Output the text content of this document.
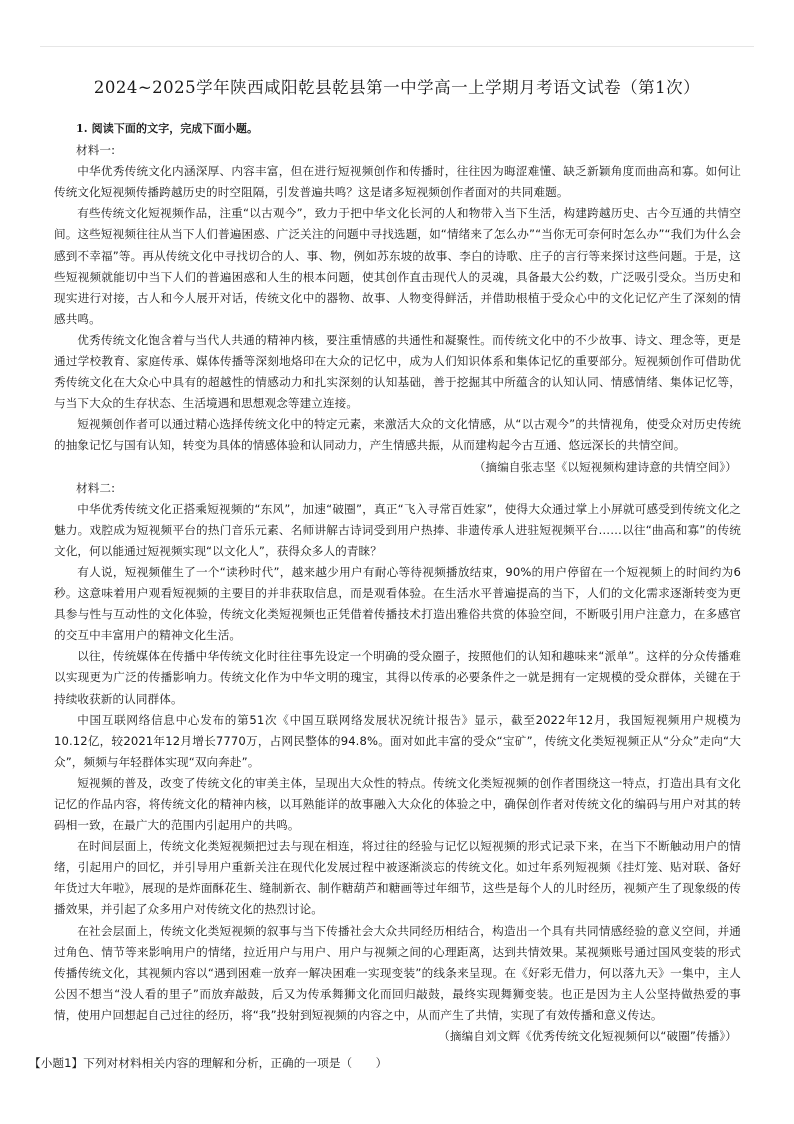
2024~2025学年陕西咸阳乾县乾县第一中学高一上学期月考语文试卷（第1次）

1. 阅读下面的文字，完成下面小题。

材料一:

中华优秀传统文化内涵深厚、内容丰富，但在进行短视频创作和传播时，往往因为晦涩难懂、缺乏新颖角度而曲高和寡。如何让传统文化短视频传播跨越历史的时空阻隔，引发普遍共鸣？这是诸多短视频创作者面对的共同难题。

有些传统文化短视频作品，注重“以古观今”，致力于把中华文化长河的人和物带入当下生活，构建跨越历史、古今互通的共情空间。这些短视频往往从当下人们普遍困惑、广泛关注的问题中寻找选题，如“情绪来了怎么办”“当你无可奈何时怎么办”“我们为什么会感到不幸福”等。再从传统文化中寻找切合的人、事、物，例如苏东坡的故事、李白的诗歌、庄子的言行等来探讨这些问题。于是，这些短视频就能切中当下人们的普遍困惑和人生的根本问题，使其创作直击现代人的灵魂，具备最大公约数，广泛吸引受众。当历史和现实进行对接，古人和今人展开对话，传统文化中的器物、故事、人物变得鲜活，并借助根植于受众心中的文化记忆产生了深刻的情感共鸣。

优秀传统文化饱含着与当代人共通的精神内核，要注重情感的共通性和凝聚性。而传统文化中的不少故事、诗文、理念等，更是通过学校教育、家庭传承、媒体传播等深刻地烙印在大众的记忆中，成为人们知识体系和集体记忆的重要部分。短视频创作可借助优秀传统文化在大众心中具有的超越性的情感动力和扎实深刻的认知基础，善于挖掘其中所蕴含的认知认同、情感情绪、集体记忆等，与当下大众的生存状态、生活境遇和思想观念等建立连接。

短视频创作者可以通过精心选择传统文化中的特定元素，来激活大众的文化情感，从“以古观今”的共情视角，使受众对历史传统的抽象记忆与国有认知，转变为具体的情感体验和认同动力，产生情感共振，从而建构起今古互通、悠远深长的共情空间。

（摘编自张志坚《以短视频构建诗意的共情空间》）

材料二:

中华优秀传统文化正搭乘短视频的“东风”，加速“破圈”，真正“飞入寻常百姓家”，使得大众通过掌上小屏就可感受到传统文化之魅力。戏腔成为短视频平台的热门音乐元素、名师讲解古诗词受到用户热捧、非遗传承人进驻短视频平台……以往“曲高和寡”的传统文化，何以能通过短视频实现“以文化人”，获得众多人的青睐？

有人说，短视频催生了一个“读秒时代”，越来越少用户有耐心等待视频播放结束，90%的用户停留在一个短视频上的时间约为6秒。这意味着用户观看短视频的主要目的并非获取信息，而是观看体验。在生活水平普遍提高的当下，人们的文化需求逐渐转变为更具参与性与互动性的文化体验，传统文化类短视频也正凭借着传播技术打造出雅俗共赏的体验空间，不断吸引用户注意力，在多感官的交互中丰富用户的精神文化生活。

以往，传统媒体在传播中华传统文化时往往事先设定一个明确的受众圈子，按照他们的认知和趣味来“派单”。这样的分众传播难以实现更为广泛的传播影响力。传统文化作为中华文明的瑰宝，其得以传承的必要条件之一就是拥有一定规模的受众群体，关键在于持续收获新的认同群体。

中国互联网络信息中心发布的第51次《中国互联网络发展状况统计报告》显示，截至2022年12月，我国短视频用户规模为10.12亿，较2021年12月增长7770万，占网民整体的94.8%。面对如此丰富的受众“宝矿”，传统文化类短视频正从“分众”走向“大众”，频频与年轻群体实现“双向奔赴”。

短视频的普及，改变了传统文化的审美主体，呈现出大众性的特点。传统文化类短视频的创作者围绕这一特点，打造出具有文化记忆的作品内容，将传统文化的精神内核，以耳熟能详的故事融入大众化的体验之中，确保创作者对传统文化的编码与用户对其的转码相一致，在最广大的范围内引起用户的共鸣。

在时间层面上，传统文化类短视频把过去与现在相连，将过往的经验与记忆以短视频的形式记录下来，在当下不断触动用户的情绪，引起用户的回忆，并引导用户重新关注在现代化发展过程中被逐渐淡忘的传统文化。如过年系列短视频《挂灯笼、贴对联、备好年货过大年啦》，展现的是炸面酥花生、缝制新衣、制作糖葫芦和糖画等过年细节，这些是每个人的儿时经历，视频产生了现象级的传播效果，并引起了众多用户对传统文化的热烈讨论。

在社会层面上，传统文化类短视频的叙事与当下传播社会大众共同经历相结合，构造出一个具有共同情感经验的意义空间，并通过角色、情节等来影响用户的情绪，拉近用户与用户、用户与视频之间的心理距离，达到共情效果。某视频账号通过国风变装的形式传播传统文化，其视频内容以“遇到困难一放弃一解决困难一实现变装”的线条来呈现。在《好彩无借力，何以落九天》一集中，主人公因不想当“没人看的里子”而放弃敲鼓，后又为传承舞狮文化而回归敲鼓，最终实现舞狮变装。也正是因为主人公坚持做热爱的事情，使用户回想起自己过往的经历，将“我”投射到短视频的内容之中，从而产生了共情，实现了有效传播和意义传达。

（摘编自刘文辉《优秀传统文化短视频何以“破圈”传播》）

【小题1】下列对材料相关内容的理解和分析，正确的一项是（　　）
